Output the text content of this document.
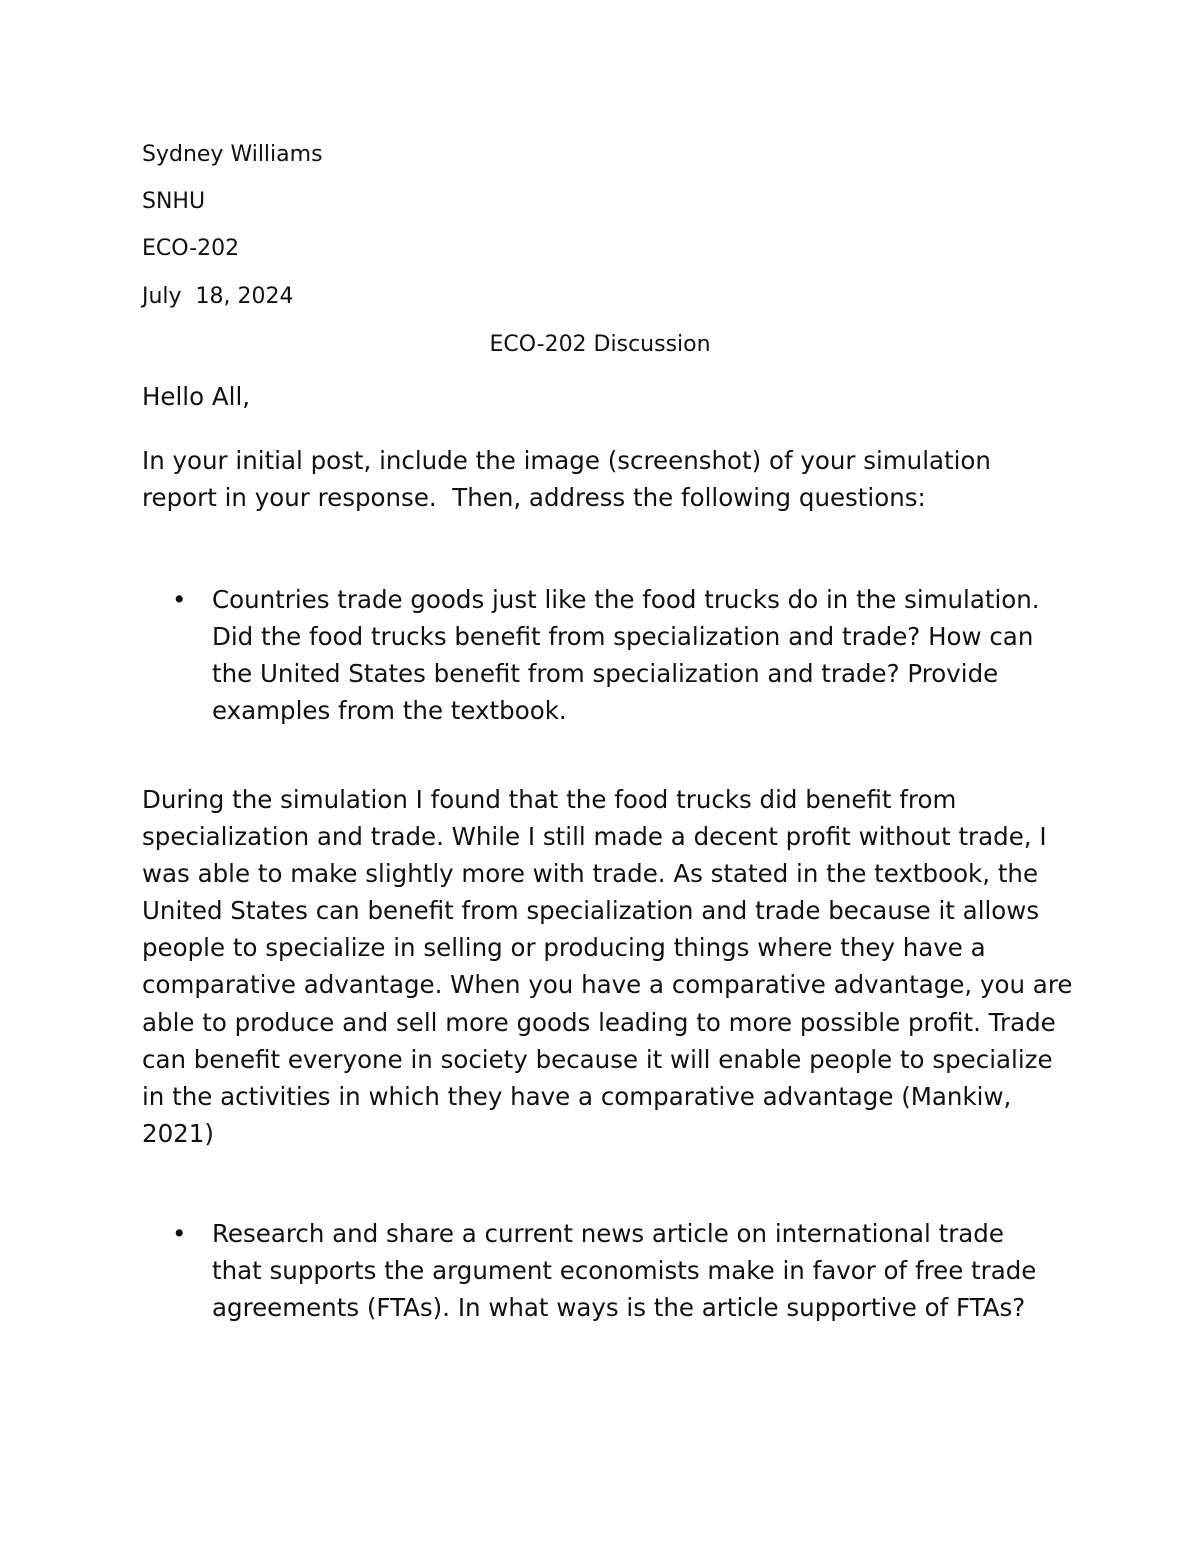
Sydney Williams
SNHU
ECO-202
July  18, 2024
ECO-202 Discussion

Hello All,

In your initial post, include the image (screenshot) of your simulation report in your response.  Then, address the following questions:

• Countries trade goods just like the food trucks do in the simulation. Did the food trucks benefit from specialization and trade? How can the United States benefit from specialization and trade? Provide examples from the textbook.

During the simulation I found that the food trucks did benefit from specialization and trade. While I still made a decent profit without trade, I was able to make slightly more with trade. As stated in the textbook, the United States can benefit from specialization and trade because it allows people to specialize in selling or producing things where they have a comparative advantage. When you have a comparative advantage, you are able to produce and sell more goods leading to more possible profit. Trade can benefit everyone in society because it will enable people to specialize in the activities in which they have a comparative advantage (Mankiw, 2021)

• Research and share a current news article on international trade that supports the argument economists make in favor of free trade agreements (FTAs). In what ways is the article supportive of FTAs?
